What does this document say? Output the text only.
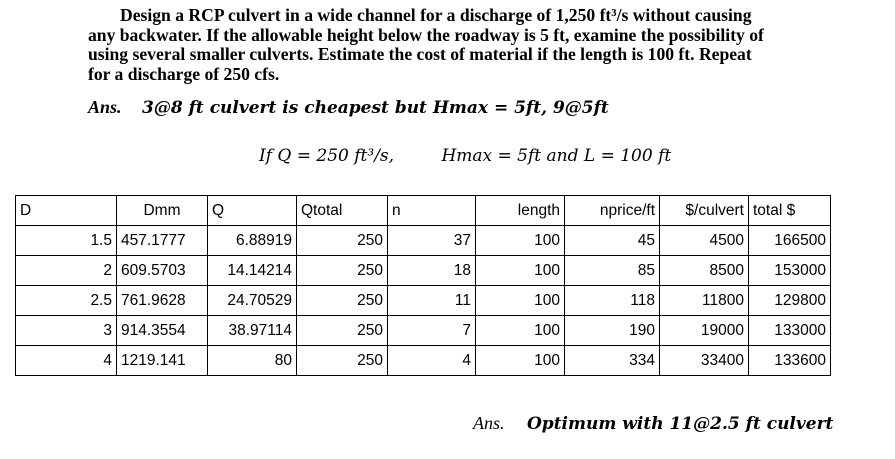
Design a RCP culvert in a wide channel for a discharge of 1,250 ft³/s without causing
any backwater. If the allowable height below the roadway is 5 ft, examine the possibility of
using several smaller culverts. Estimate the cost of material if the length is 100 ft. Repeat
for a discharge of 250 cfs.
Ans. 3@8 ft culvert is cheapest but Hmax = 5ft, 9@5ft
If Q = 250 ft³/s,	Hmax = 5ft and L = 100 ft
D	Dmm	Q	Qtotal	n	length	nprice/ft	$/culvert	total $
1.5	457.1777	6.88919	250	37	100	45	4500	166500
2	609.5703	14.14214	250	18	100	85	8500	153000
2.5	761.9628	24.70529	250	11	100	118	11800	129800
3	914.3554	38.97114	250	7	100	190	19000	133000
4	1219.141	80	250	4	100	334	33400	133600
Ans. Optimum with 11@2.5 ft culvert
